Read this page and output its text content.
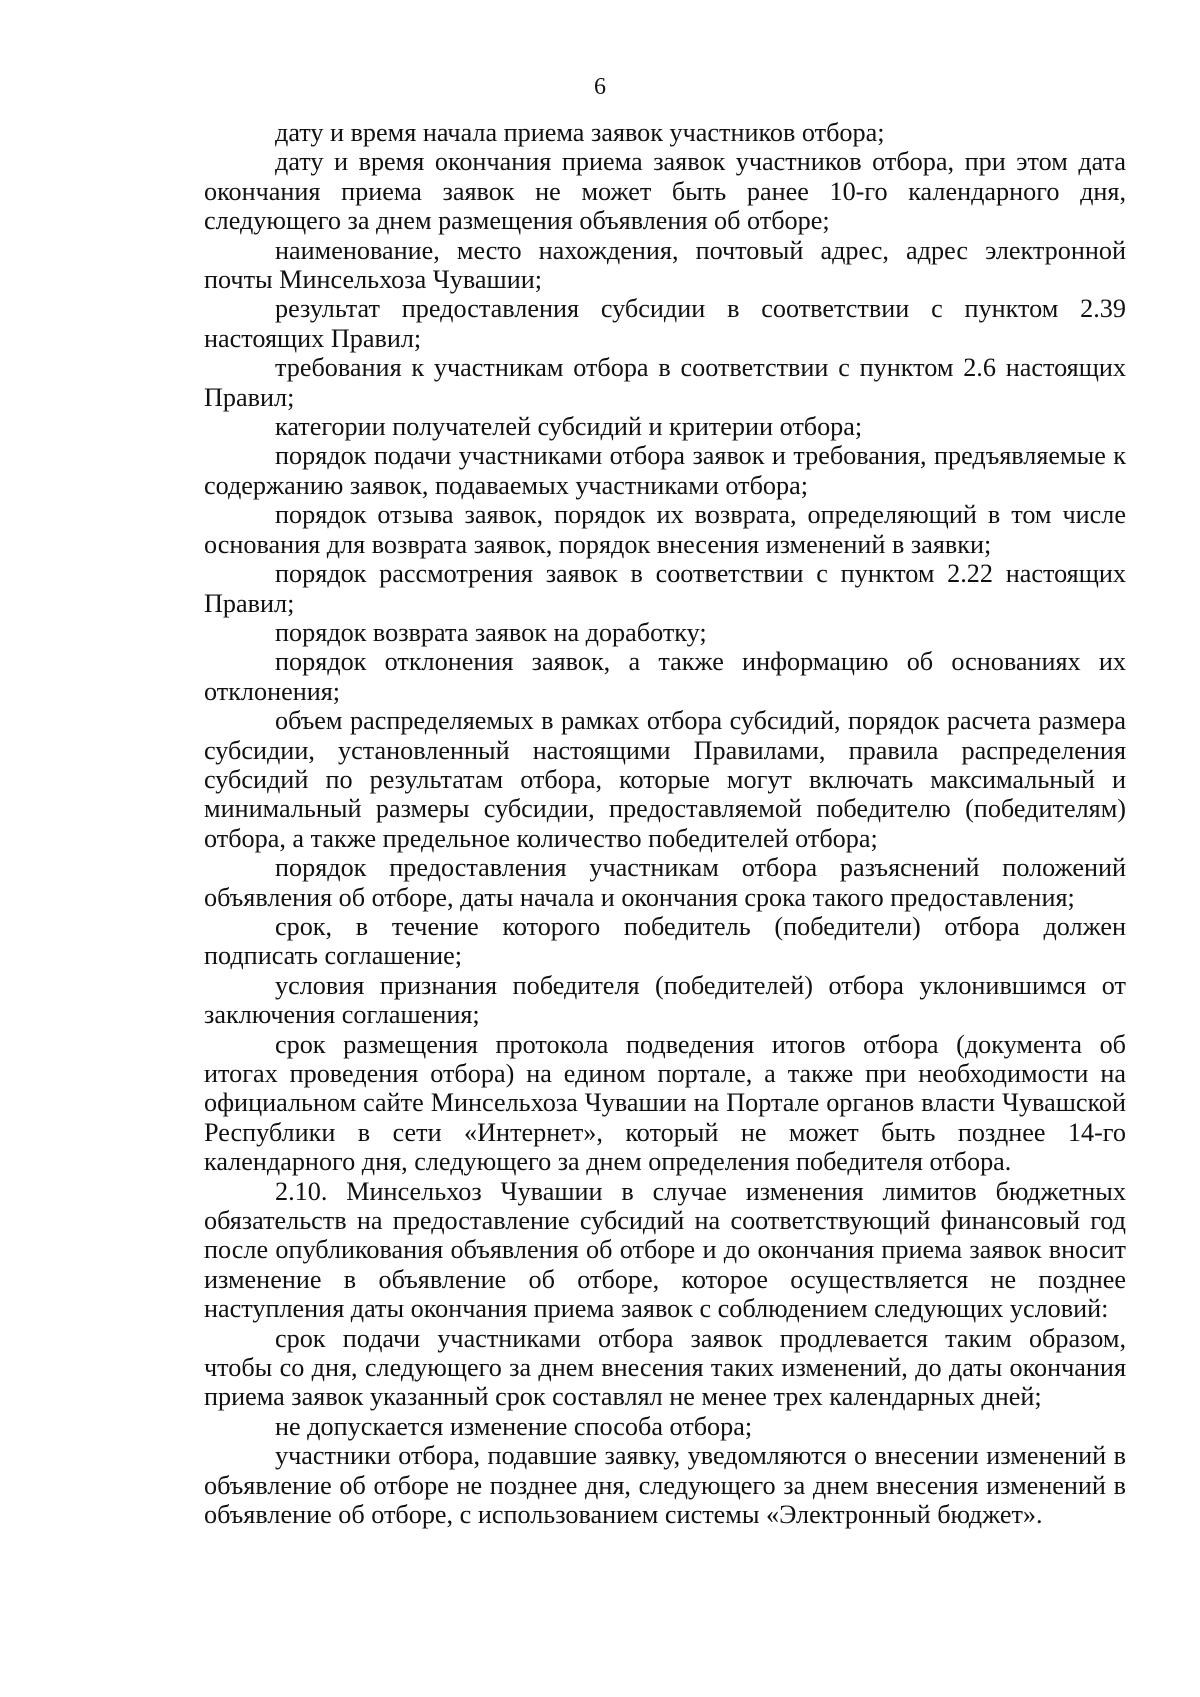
6

дату и время начала приема заявок участников отбора;

дату и время окончания приема заявок участников отбора, при этом дата окончания приема заявок не может быть ранее 10-го календарного дня, следующего за днем размещения объявления об отборе;

наименование, место нахождения, почтовый адрес, адрес электронной почты Минсельхоза Чувашии;

результат предоставления субсидии в соответствии с пунктом 2.39 настоящих Правил;

требования к участникам отбора в соответствии с пунктом 2.6 настоящих Правил;

категории получателей субсидий и критерии отбора;

порядок подачи участниками отбора заявок и требования, предъявляемые к содержанию заявок, подаваемых участниками отбора;

порядок отзыва заявок, порядок их возврата, определяющий в том числе основания для возврата заявок, порядок внесения изменений в заявки;

порядок рассмотрения заявок в соответствии с пунктом 2.22 настоящих Правил;

порядок возврата заявок на доработку;

порядок отклонения заявок, а также информацию об основаниях их отклонения;

объем распределяемых в рамках отбора субсидий, порядок расчета размера субсидии, установленный настоящими Правилами, правила распределения субсидий по результатам отбора, которые могут включать максимальный и минимальный размеры субсидии, предоставляемой победителю (победителям) отбора, а также предельное количество победителей отбора;

порядок предоставления участникам отбора разъяснений положений объявления об отборе, даты начала и окончания срока такого предоставления;

срок, в течение которого победитель (победители) отбора должен подписать соглашение;

условия признания победителя (победителей) отбора уклонившимся от заключения соглашения;

срок размещения протокола подведения итогов отбора (документа об итогах проведения отбора) на едином портале, а также при необходимости на официальном сайте Минсельхоза Чувашии на Портале органов власти Чувашской Республики в сети «Интернет», который не может быть позднее 14-го календарного дня, следующего за днем определения победителя отбора.

2.10. Минсельхоз Чувашии в случае изменения лимитов бюджетных обязательств на предоставление субсидий на соответствующий финансовый год после опубликования объявления об отборе и до окончания приема заявок вносит изменение в объявление об отборе, которое осуществляется не позднее наступления даты окончания приема заявок с соблюдением следующих условий:

срок подачи участниками отбора заявок продлевается таким образом, чтобы со дня, следующего за днем внесения таких изменений, до даты окончания приема заявок указанный срок составлял не менее трех календарных дней;

не допускается изменение способа отбора;

участники отбора, подавшие заявку, уведомляются о внесении изменений в объявление об отборе не позднее дня, следующего за днем внесения изменений в объявление об отборе, с использованием системы «Электронный бюджет».
